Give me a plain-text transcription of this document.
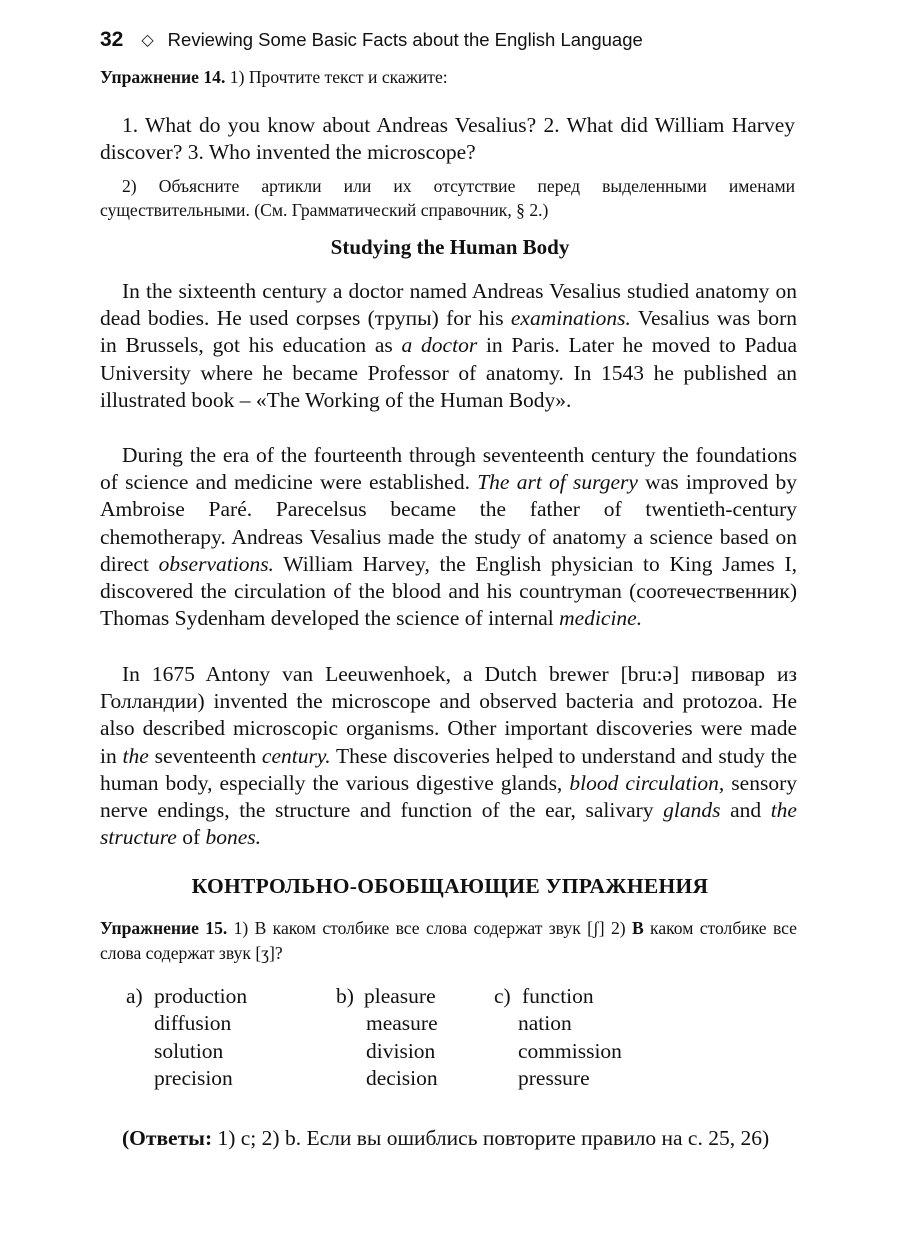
32 ◇ Reviewing Some Basic Facts about the English Language
Упражнение 14. 1) Прочтите текст и скажите:

1. What do you know about Andreas Vesalius? 2. What did William Harvey discover? 3. Who invented the microscope?

2) Объясните артикли или их отсутствие перед выделенными именами существительными. (См. Грамматический справочник, § 2.)

Studying the Human Body

In the sixteenth century a doctor named Andreas Vesalius studied anatomy on dead bodies. He used corpses (трупы) for his examinations. Vesalius was born in Brussels, got his education as a doctor in Paris. Later he moved to Padua University where he became Professor of anatomy. In 1543 he published an illustrated book – «The Working of the Human Body».

During the era of the fourteenth through seventeenth century the foundations of science and medicine were established. The art of surgery was improved by Ambroise Paré. Parecelsus became the father of twentieth-century chemotherapy. Andreas Vesalius made the study of anatomy a science based on direct observations. William Harvey, the English physician to King James I, discovered the circulation of the blood and his countryman (соотечественник) Thomas Sydenham developed the science of internal medicine.

In 1675 Antony van Leeuwenhoek, a Dutch brewer [bru:ə] пивовар из Голландии) invented the microscope and observed bacteria and protozoa. He also described microscopic organisms. Other important discoveries were made in the seventeenth century. These discoveries helped to understand and study the human body, especially the various digestive glands, blood circulation, sensory nerve endings, the structure and function of the ear, salivary glands and the structure of bones.

КОНТРОЛЬНО-ОБОБЩАЮЩИЕ УПРАЖНЕНИЯ

Упражнение 15. 1) В каком столбике все слова содержат звук [ʃ] 2) В каком столбике все слова содержат звук [ʒ]?

a) production
diffusion
solution
precision
b) pleasure
measure
division
decision
c) function
nation
commission
pressure

(Ответы: 1) c; 2) b. Если вы ошиблись повторите правило на с. 25, 26)
